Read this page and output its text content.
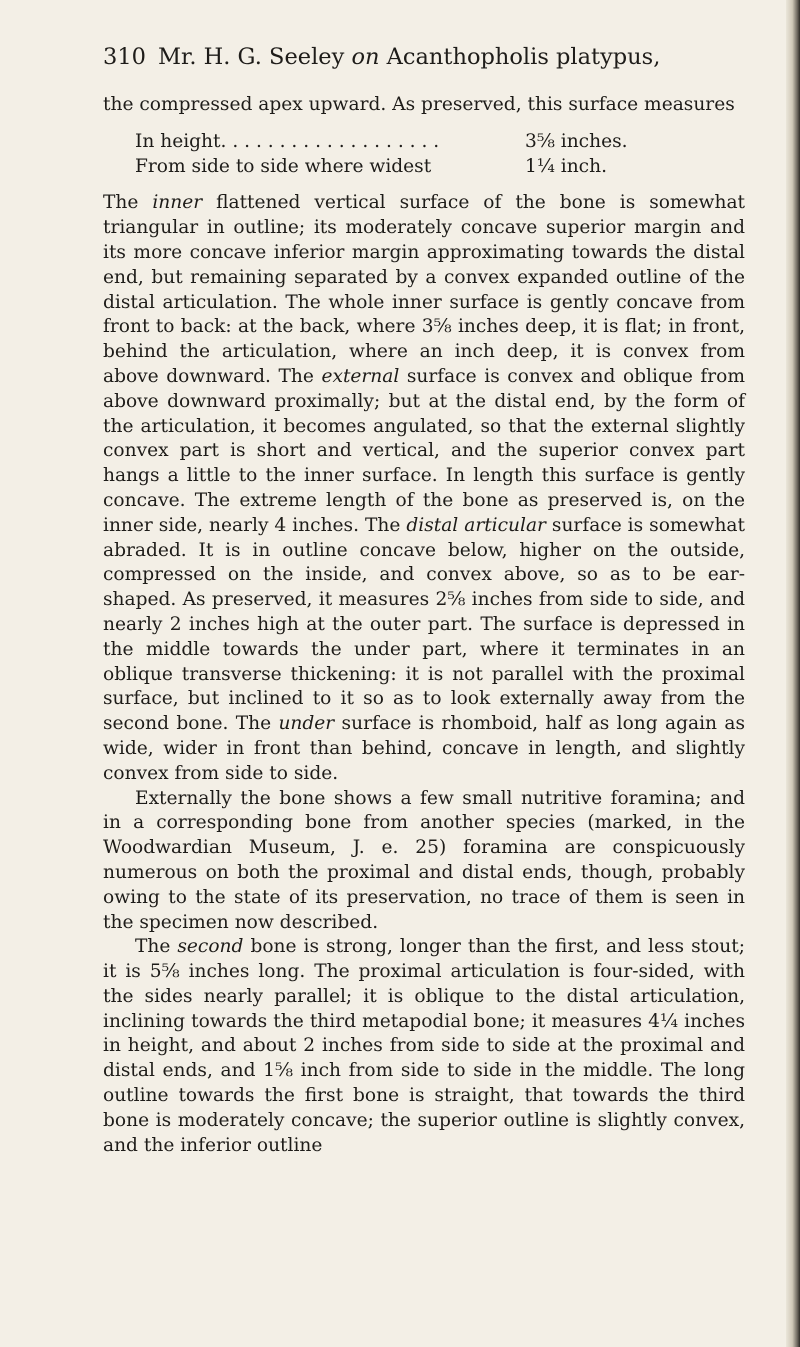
310 Mr. H. G. Seeley on Acanthopholis platypus,

the compressed apex upward. As preserved, this surface measures

In height. . . . . . . . . . . . . . . . . . .	3⅝ inches.
From side to side where widest	1¼ inch.

The inner flattened vertical surface of the bone is somewhat triangular in outline; its moderately concave superior margin and its more concave inferior margin approximating towards the distal end, but remaining separated by a convex expanded outline of the distal articulation. The whole inner surface is gently concave from front to back: at the back, where 3⅝ inches deep, it is flat; in front, behind the articulation, where an inch deep, it is convex from above downward. The external surface is convex and oblique from above downward proximally; but at the distal end, by the form of the articulation, it becomes angulated, so that the external slightly convex part is short and vertical, and the superior convex part hangs a little to the inner surface. In length this surface is gently concave. The extreme length of the bone as preserved is, on the inner side, nearly 4 inches. The distal articular surface is somewhat abraded. It is in outline concave below, higher on the outside, compressed on the inside, and convex above, so as to be ear-shaped. As preserved, it measures 2⅝ inches from side to side, and nearly 2 inches high at the outer part. The surface is depressed in the middle towards the under part, where it terminates in an oblique transverse thickening: it is not parallel with the proximal surface, but inclined to it so as to look externally away from the second bone. The under surface is rhomboid, half as long again as wide, wider in front than behind, concave in length, and slightly convex from side to side.

Externally the bone shows a few small nutritive foramina; and in a corresponding bone from another species (marked, in the Woodwardian Museum, J. e. 25) foramina are conspicuously numerous on both the proximal and distal ends, though, probably owing to the state of its preservation, no trace of them is seen in the specimen now described.

The second bone is strong, longer than the first, and less stout; it is 5⅝ inches long. The proximal articulation is four-sided, with the sides nearly parallel; it is oblique to the distal articulation, inclining towards the third metapodial bone; it measures 4¼ inches in height, and about 2 inches from side to side at the proximal and distal ends, and 1⅝ inch from side to side in the middle. The long outline towards the first bone is straight, that towards the third bone is moderately concave; the superior outline is slightly convex, and the inferior outline
